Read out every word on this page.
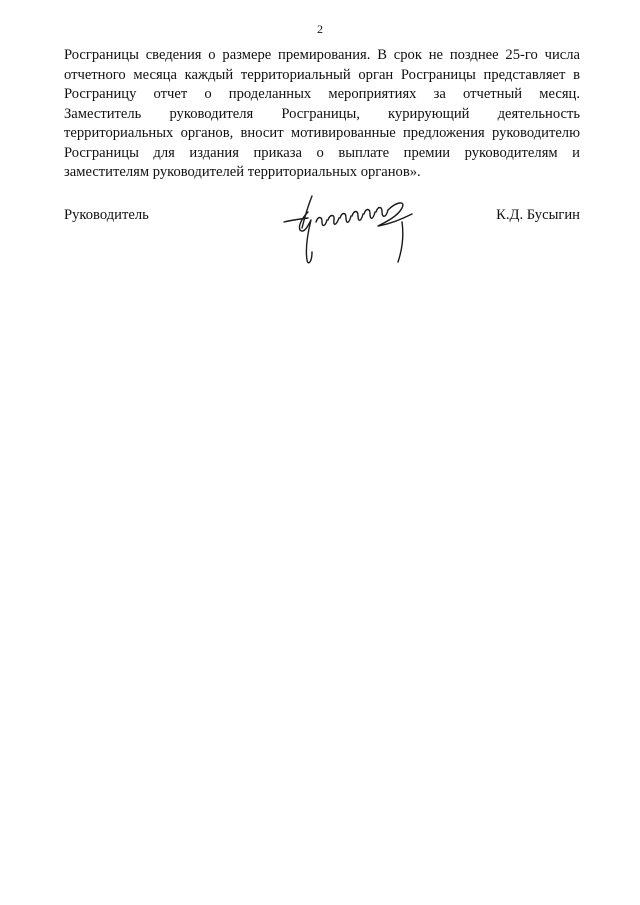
2
Росграницы сведения о размере премирования. В срок не позднее 25-го числа
отчетного месяца каждый территориальный орган Росграницы представляет в
Росграницу отчет о проделанных мероприятиях за отчетный месяц.
Заместитель руководителя Росграницы, курирующий деятельность
территориальных органов, вносит мотивированные предложения руководителю
Росграницы для издания приказа о выплате премии руководителям и
заместителям руководителей территориальных органов».
Руководитель	К.Д. Бусыгин
